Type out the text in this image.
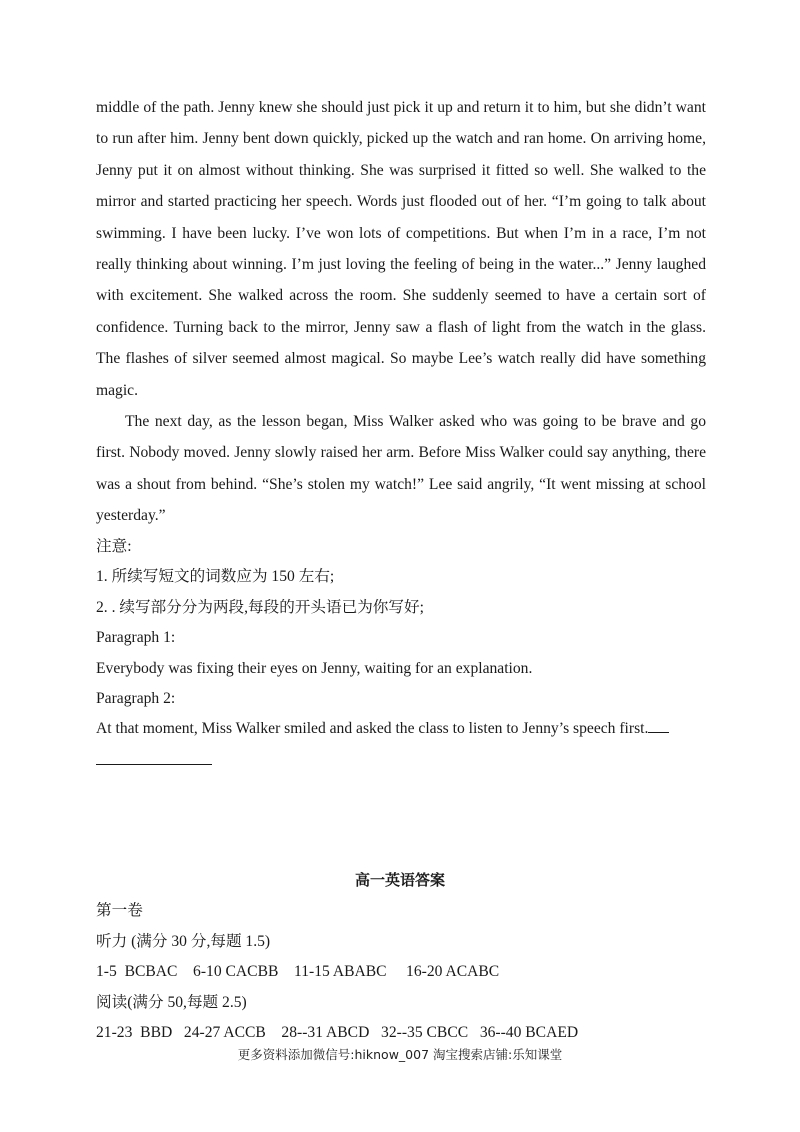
middle of the path. Jenny knew she should just pick it up and return it to him, but she didn’t want to run after him. Jenny bent down quickly, picked up the watch and ran home. On arriving home, Jenny put it on almost without thinking. She was surprised it fitted so well. She walked to the mirror and started practicing her speech. Words just flooded out of her. “I’m going to talk about swimming. I have been lucky. I’ve won lots of competitions. But when I’m in a race, I’m not really thinking about winning. I’m just loving the feeling of being in the water...” Jenny laughed with excitement. She walked across the room. She suddenly seemed to have a certain sort of confidence. Turning back to the mirror, Jenny saw a flash of light from the watch in the glass. The flashes of silver seemed almost magical. So maybe Lee’s watch really did have something magic.

The next day, as the lesson began, Miss Walker asked who was going to be brave and go first. Nobody moved. Jenny slowly raised her arm. Before Miss Walker could say anything, there was a shout from behind. “She’s stolen my watch!” Lee said angrily, “It went missing at school yesterday.”

注意:
1. 所续写短文的词数应为 150 左右;
2. . 续写部分分为两段,每段的开头语已为你写好;
Paragraph 1:
Everybody was fixing their eyes on Jenny, waiting for an explanation.
Paragraph 2:
At that moment, Miss Walker smiled and asked the class to listen to Jenny’s speech first.
高一英语答案
第一卷
听力 (满分 30 分,每题 1.5)
1-5  BCBAC    6-10 CACBB    11-15 ABABC     16-20 ACABC
阅读(满分 50,每题 2.5)
21-23  BBD   24-27 ACCB    28--31 ABCD   32--35 CBCC   36--40 BCAED
更多资料添加微信号:hiknow_007 淘宝搜索店铺:乐知课堂
